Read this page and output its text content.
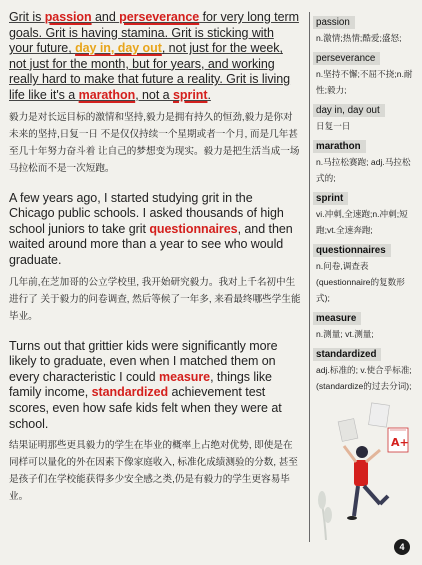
Grit is passion and perseverance for very long term goals. Grit is having stamina. Grit is sticking with your future, day in, day out, not just for the week, not just for the month, but for years, and working really hard to make that future a reality. Grit is living life like it's a marathon, not a sprint.

毅力是对长远目标的激情和坚持,毅力是拥有持久的恒劲,毅力是你对未来的坚持,日复一日 不是仅仅持续一个星期或者一个月, 而是几年甚至几十年努力奋斗着 让自己的梦想变为现实。毅力是把生活当成一场马拉松而不是一次短跑。

A few years ago, I started studying grit in the Chicago public schools. I asked thousands of high school juniors to take grit questionnaires, and then waited around more than a year to see who would graduate.

几年前,在芝加哥的公立学校里, 我开始研究毅力。我对上千名初中生进行了 关于毅力的问卷调查, 然后等候了一年多, 来看最终哪些学生能毕业。

Turns out that grittier kids were significantly more likely to graduate, even when I matched them on every characteristic I could measure, things like family income, standardized achievement test scores, even how safe kids felt when they were at school.

结果证明那些更具毅力的学生在毕业的概率上占绝对优势, 即使是在同样可以量化的外在因素下像家庭收入, 标准化成绩测验的分数, 甚至是孩子们在学校能获得多少安全感之类,仍是有毅力的学生更容易毕业。

passion
n.激情;热情;酷爱;盛怒;
perseverance
n.坚持不懈;不屈不挠;n.耐性;毅力;
day in, day out
日复一日
marathon
n.马拉松赛跑; adj.马拉松式的;
sprint
vi.冲刺,全速跑;n.冲刺;短跑;vt.全速奔跑;
questionnaires
n.问卷,调查表(questionnaire的复数形式);
measure
n.测量; vt.测量;
standardized
adj.标准的; v.使合乎标准;(standardize的过去分词);
A+
4
